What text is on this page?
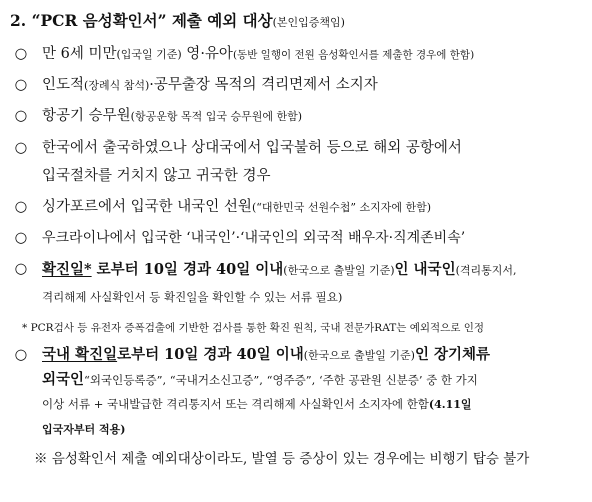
2. “PCR 음성확인서” 제출 예외 대상(본인입증책임)
○ 만 6세 미만(입국일 기준) 영·유아(동반 일행이 전원 음성확인서를 제출한 경우에 한함)
○ 인도적(장례식 참석)·공무출장 목적의 격리면제서 소지자
○ 항공기 승무원(항공운항 목적 입국 승무원에 한함)
○ 한국에서 출국하였으나 상대국에서 입국불허 등으로 해외 공항에서
입국절차를 거치지 않고 귀국한 경우
○ 싱가포르에서 입국한 내국인 선원(“대한민국 선원수첩” 소지자에 한함)
○ 우크라이나에서 입국한 ‘내국인’·‘내국인의 외국적 배우자·직계존비속’
○ 확진일* 로부터 10일 경과 40일 이내(한국으로 출발일 기준)인 내국인(격리통지서,
격리해제 사실확인서 등 확진일을 확인할 수 있는 서류 필요)
* PCR검사 등 유전자 증폭검출에 기반한 검사를 통한 확진 원칙, 국내 전문가RAT는 예외적으로 인정
○ 국내 확진일로부터 10일 경과 40일 이내(한국으로 출발일 기준)인 장기체류
외국인“외국인등록증”, “국내거소신고증”, “영주증”, ‘주한 공관원 신분증’ 중 한 가지
이상 서류 + 국내발급한 격리통지서 또는 격리해제 사실확인서 소지자에 한함(4.11일
입국자부터 적용)
※ 음성확인서 제출 예외대상이라도, 발열 등 증상이 있는 경우에는 비행기 탑승 불가
